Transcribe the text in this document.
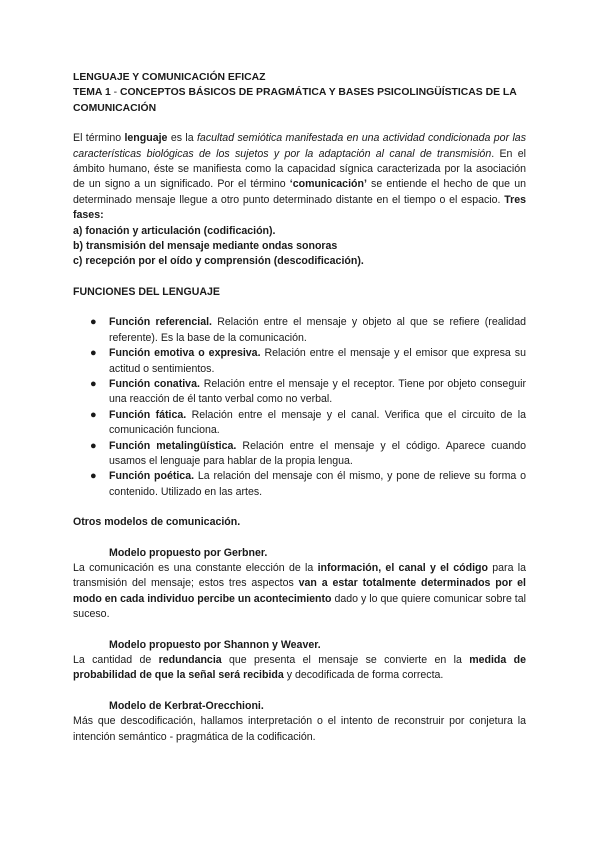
LENGUAJE Y COMUNICACIÓN EFICAZ

TEMA 1 - CONCEPTOS BÁSICOS DE PRAGMÁTICA Y BASES PSICOLINGÜÍSTICAS DE LA COMUNICACIÓN

El término lenguaje es la facultad semiótica manifestada en una actividad condicionada por las características biológicas de los sujetos y por la adaptación al canal de transmisión. En el ámbito humano, éste se manifiesta como la capacidad sígnica caracterizada por la asociación de un signo a un significado. Por el término ‘comunicación’ se entiende el hecho de que un determinado mensaje llegue a otro punto determinado distante en el tiempo o el espacio. Tres fases:

a) fonación y articulación (codificación).

b) transmisión del mensaje mediante ondas sonoras

c) recepción por el oído y comprensión (descodificación).

FUNCIONES DEL LENGUAJE

● Función referencial. Relación entre el mensaje y objeto al que se refiere (realidad referente). Es la base de la comunicación.
● Función emotiva o expresiva. Relación entre el mensaje y el emisor que expresa su actitud o sentimientos.
● Función conativa. Relación entre el mensaje y el receptor. Tiene por objeto conseguir una reacción de él tanto verbal como no verbal.
● Función fática. Relación entre el mensaje y el canal. Verifica que el circuito de la comunicación funciona.
● Función metalingüística. Relación entre el mensaje y el código. Aparece cuando usamos el lenguaje para hablar de la propia lengua.
● Función poética. La relación del mensaje con él mismo, y pone de relieve su forma o contenido. Utilizado en las artes.

Otros modelos de comunicación.

Modelo propuesto por Gerbner.

La comunicación es una constante elección de la información, el canal y el código para la transmisión del mensaje; estos tres aspectos van a estar totalmente determinados por el modo en cada individuo percibe un acontecimiento dado y lo que quiere comunicar sobre tal suceso.

Modelo propuesto por Shannon y Weaver.

La cantidad de redundancia que presenta el mensaje se convierte en la medida de probabilidad de que la señal será recibida y decodificada de forma correcta.

Modelo de Kerbrat-Orecchioni.

Más que descodificación, hallamos interpretación o el intento de reconstruir por conjetura la intención semántico - pragmática de la codificación.
